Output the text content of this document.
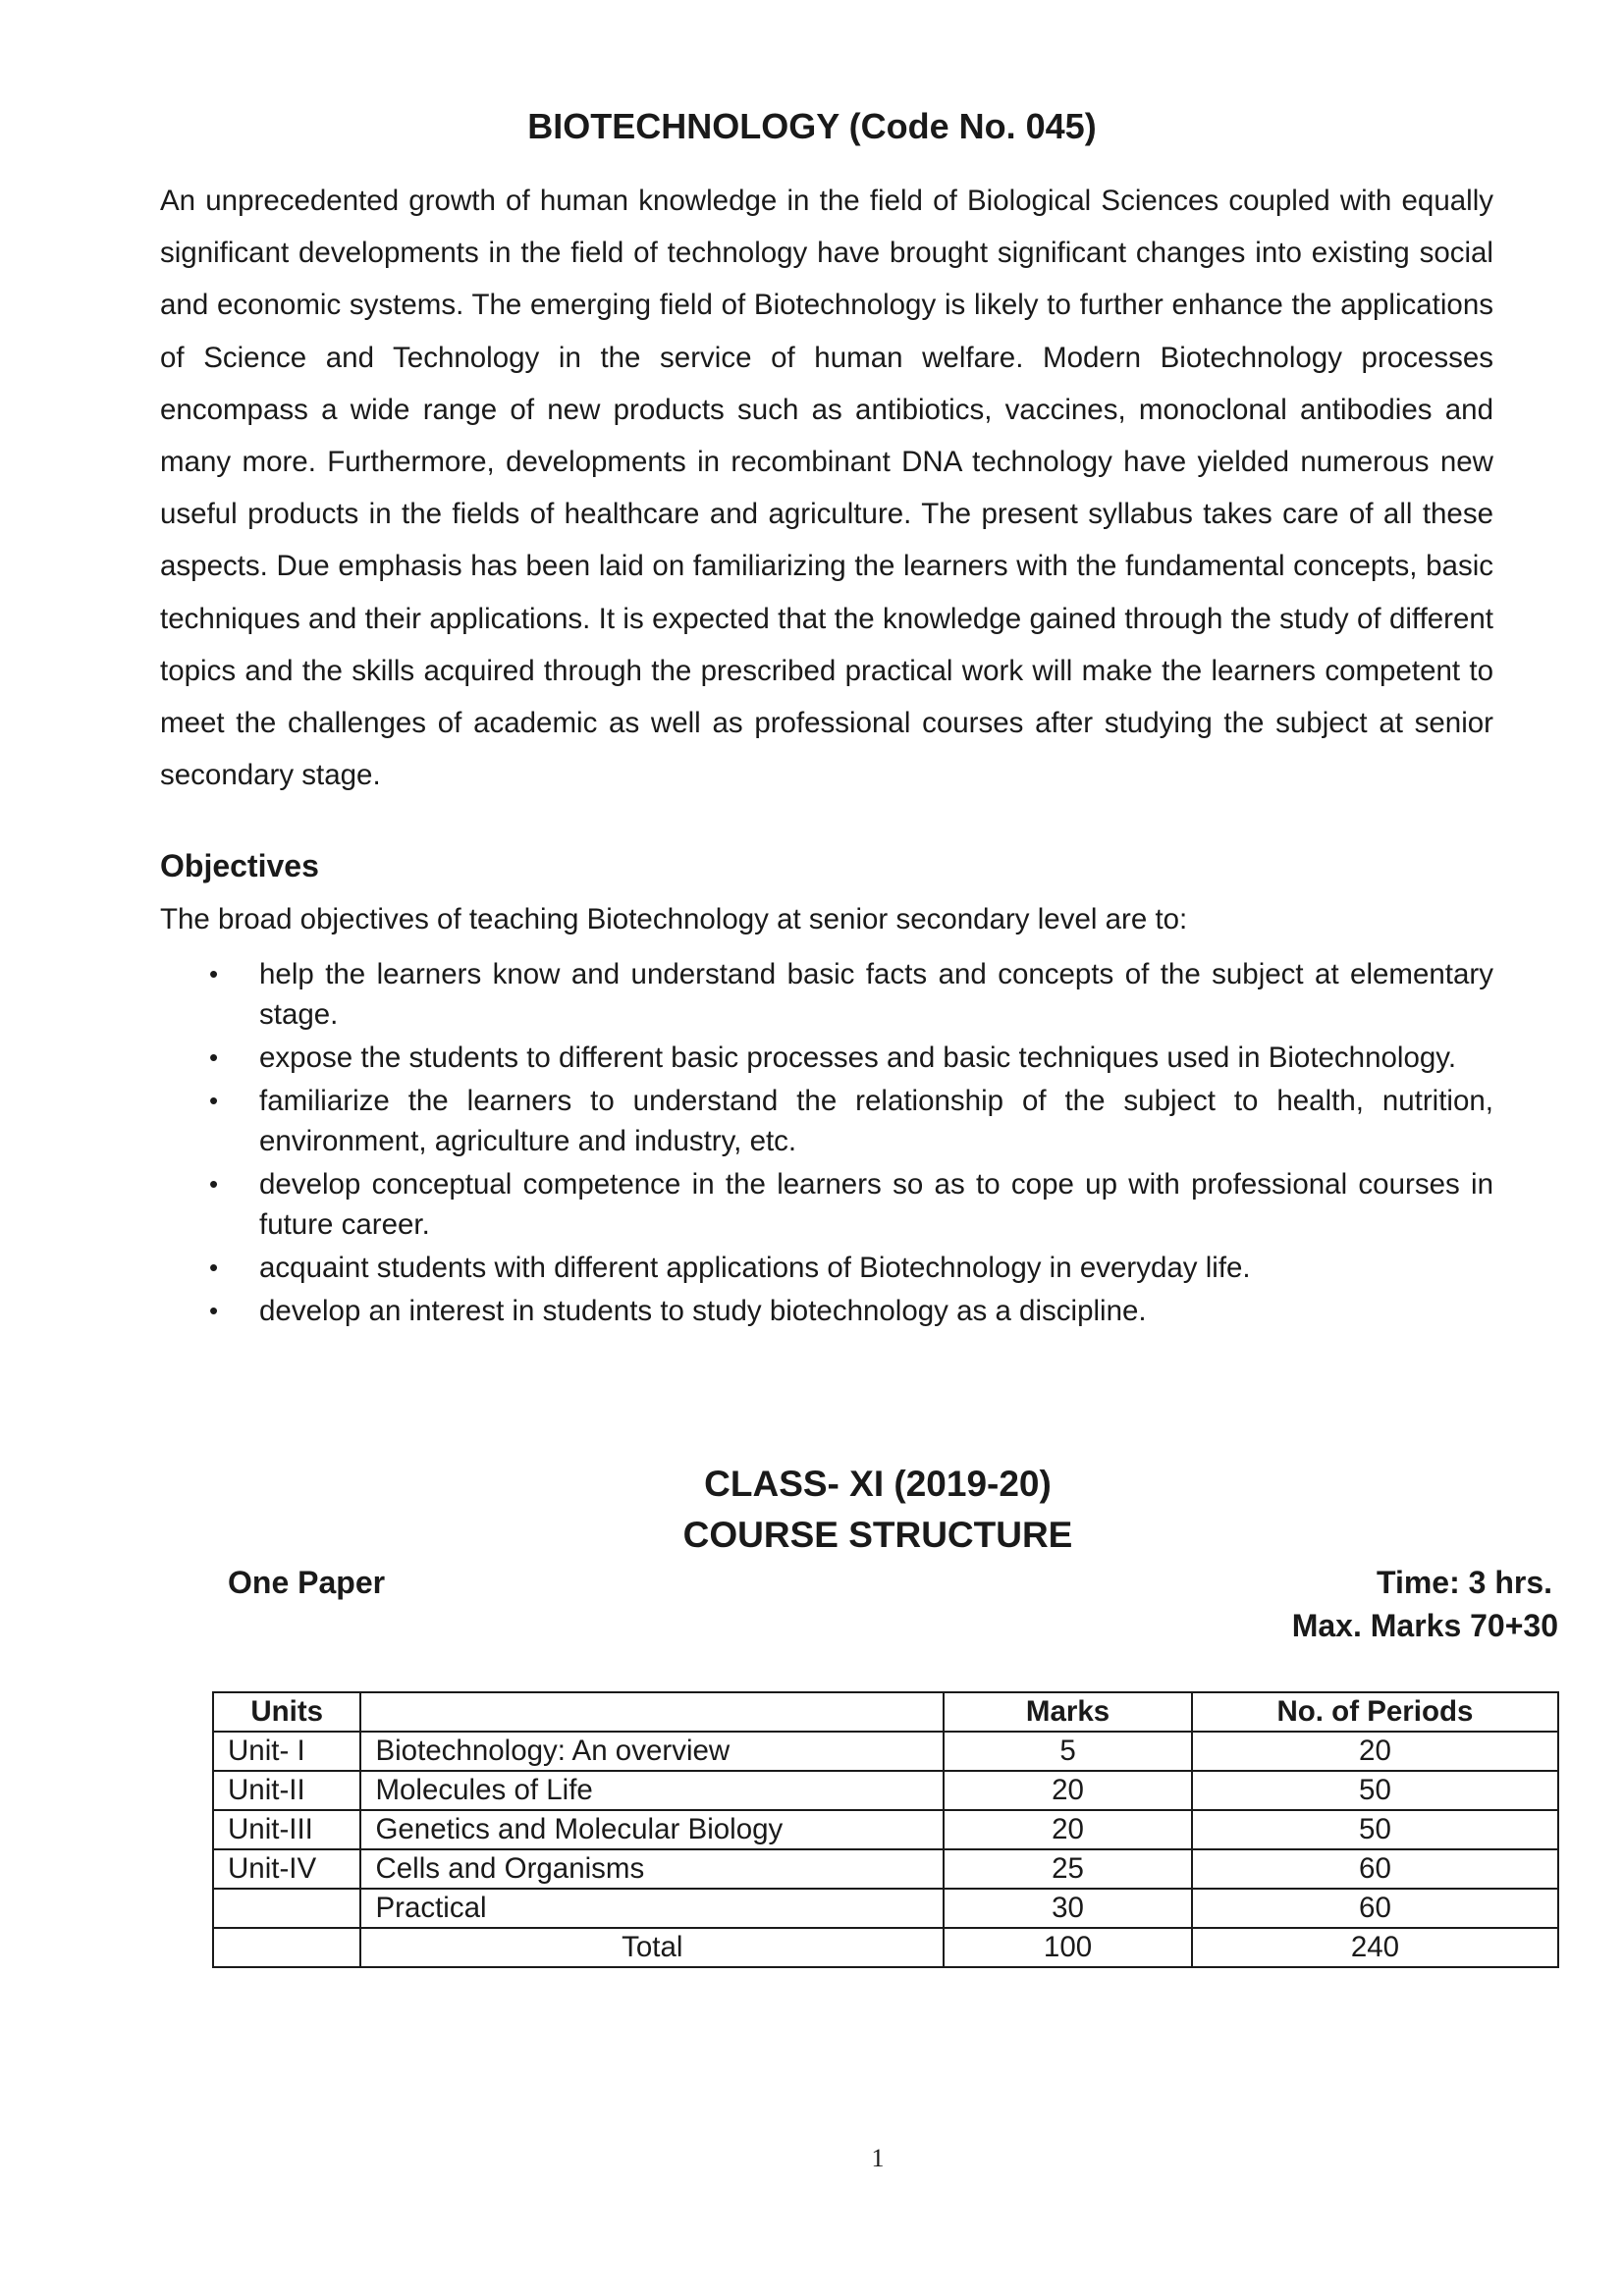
BIOTECHNOLOGY (Code No. 045)

An unprecedented growth of human knowledge in the field of Biological Sciences coupled with equally significant developments in the field of technology have brought significant changes into existing social and economic systems. The emerging field of Biotechnology is likely to further enhance the applications of Science and Technology in the service of human welfare. Modern Biotechnology processes encompass a wide range of new products such as antibiotics, vaccines, monoclonal antibodies and many more. Furthermore, developments in recombinant DNA technology have yielded numerous new useful products in the fields of healthcare and agriculture. The present syllabus takes care of all these aspects. Due emphasis has been laid on familiarizing the learners with the fundamental concepts, basic techniques and their applications. It is expected that the knowledge gained through the study of different topics and the skills acquired through the prescribed practical work will make the learners competent to meet the challenges of academic as well as professional courses after studying the subject at senior secondary stage.

Objectives

The broad objectives of teaching Biotechnology at senior secondary level are to:

• help the learners know and understand basic facts and concepts of the subject at elementary stage.
• expose the students to different basic processes and basic techniques used in Biotechnology.
• familiarize the learners to understand the relationship of the subject to health, nutrition, environment, agriculture and industry, etc.
• develop conceptual competence in the learners so as to cope up with professional courses in future career.
• acquaint students with different applications of Biotechnology in everyday life.
• develop an interest in students to study biotechnology as a discipline.
CLASS- XI (2019-20)
COURSE STRUCTURE
One Paper	Time: 3 hrs.
Max. Marks 70+30
Units		Marks	No. of Periods
Unit- I	Biotechnology: An overview	5	20
Unit-II	Molecules of Life	20	50
Unit-III	Genetics and Molecular Biology	20	50
Unit-IV	Cells and Organisms	25	60
	Practical	30	60
	Total	100	240
1
